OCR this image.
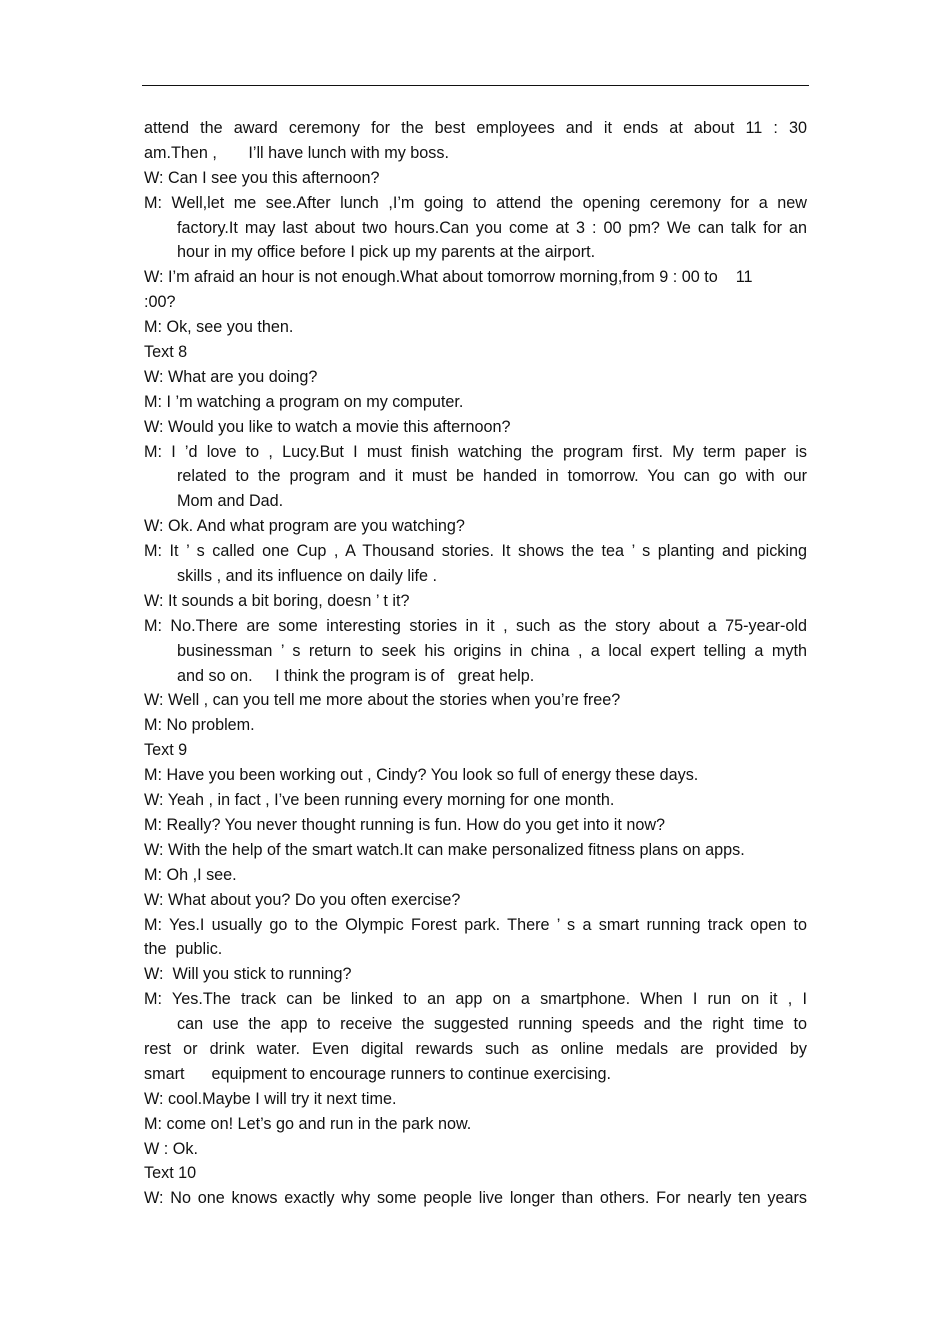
attend the award ceremony for the best employees and it ends at about 11 : 30
am.Then ,       I’ll have lunch with my boss.
W: Can I see you this afternoon?
M: Well,let me see.After lunch ,I’m going to attend the opening ceremony for a new
factory.It may last about two hours.Can you come at 3 : 00 pm? We can talk for an
hour in my office before I pick up my parents at the airport.
W: I’m afraid an hour is not enough.What about tomorrow morning,from 9 : 00 to    11
:00?
M: Ok, see you then.
Text 8
W: What are you doing?
M: I ’m watching a program on my computer.
W: Would you like to watch a movie this afternoon?
M: I ’d love to , Lucy.But I must finish watching the program first. My term paper is
related to the program and it must be handed in tomorrow. You can go with our
Mom and Dad.
W: Ok. And what program are you watching?
M: It ’ s called one Cup , A Thousand stories. It shows the tea ’ s planting and picking
skills , and its influence on daily life .
W: It sounds a bit boring, doesn ’ t it?
M: No.There are some interesting stories in it , such as the story about a 75-year-old
businessman ’ s return to seek his origins in china , a local expert telling a myth
and so on.     I think the program is of   great help.
W: Well , can you tell me more about the stories when you’re free?
M: No problem.
Text 9
M: Have you been working out , Cindy? You look so full of energy these days.
W: Yeah , in fact , I’ve been running every morning for one month.
M: Really? You never thought running is fun. How do you get into it now?
W: With the help of the smart watch.It can make personalized fitness plans on apps.
M: Oh ,I see.
W: What about you? Do you often exercise?
M: Yes.I usually go to the Olympic Forest park. There ’ s a smart running track open to
the  public.
W:  Will you stick to running?
M: Yes.The track can be linked to an app on a smartphone. When I run on it , I
can use the app to receive the suggested running speeds and the right time to
rest or drink water. Even digital rewards such as online medals are provided by
smart      equipment to encourage runners to continue exercising.
W: cool.Maybe I will try it next time.
M: come on! Let’s go and run in the park now.
W : Ok.
Text 10
W: No one knows exactly why some people live longer than others. For nearly ten years
